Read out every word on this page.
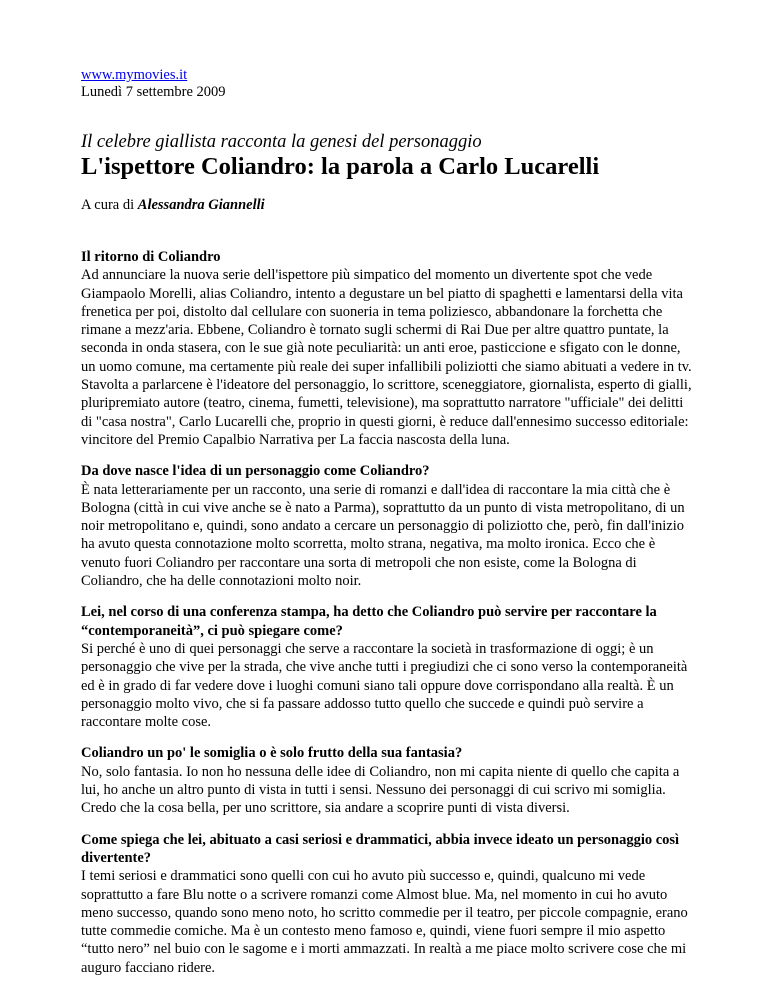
www.mymovies.it
Lunedì 7 settembre 2009
Il celebre giallista racconta la genesi del personaggio
L'ispettore Coliandro: la parola a Carlo Lucarelli
A cura di Alessandra Giannelli
Il ritorno di Coliandro
Ad annunciare la nuova serie dell'ispettore più simpatico del momento un divertente spot che vede Giampaolo Morelli, alias Coliandro, intento a degustare un bel piatto di spaghetti e lamentarsi della vita frenetica per poi, distolto dal cellulare con suoneria in tema poliziesco, abbandonare la forchetta che rimane a mezz'aria. Ebbene, Coliandro è tornato sugli schermi di Rai Due per altre quattro puntate, la seconda in onda stasera, con le sue già note peculiarità: un anti eroe, pasticcione e sfigato con le donne, un uomo comune, ma certamente più reale dei super infallibili poliziotti che siamo abituati a vedere in tv.
Stavolta a parlarcene è l'ideatore del personaggio, lo scrittore, sceneggiatore, giornalista, esperto di gialli, pluripremiato autore (teatro, cinema, fumetti, televisione), ma soprattutto narratore "ufficiale" dei delitti di "casa nostra", Carlo Lucarelli che, proprio in questi giorni, è reduce dall'ennesimo successo editoriale: vincitore del Premio Capalbio Narrativa per La faccia nascosta della luna.
Da dove nasce l'idea di un personaggio come Coliandro?
È nata letterariamente per un racconto, una serie di romanzi e dall'idea di raccontare la mia città che è Bologna (città in cui vive anche se è nato a Parma), soprattutto da un punto di vista metropolitano, di un noir metropolitano e, quindi, sono andato a cercare un personaggio di poliziotto che, però, fin dall'inizio ha avuto questa connotazione molto scorretta, molto strana, negativa, ma molto ironica. Ecco che è venuto fuori Coliandro per raccontare una sorta di metropoli che non esiste, come la Bologna di Coliandro, che ha delle connotazioni molto noir.
Lei, nel corso di una conferenza stampa, ha detto che Coliandro può servire per raccontare la “contemporaneità”, ci può spiegare come?
Si perché è uno di quei personaggi che serve a raccontare la società in trasformazione di oggi; è un personaggio che vive per la strada, che vive anche tutti i pregiudizi che ci sono verso la contemporaneità ed è in grado di far vedere dove i luoghi comuni siano tali oppure dove corrispondano alla realtà. È un personaggio molto vivo, che si fa passare addosso tutto quello che succede e quindi può servire a raccontare molte cose.
Coliandro un po' le somiglia o è solo frutto della sua fantasia?
No, solo fantasia. Io non ho nessuna delle idee di Coliandro, non mi capita niente di quello che capita a lui, ho anche un altro punto di vista in tutti i sensi. Nessuno dei personaggi di cui scrivo mi somiglia. Credo che la cosa bella, per uno scrittore, sia andare a scoprire punti di vista diversi.
Come spiega che lei, abituato a casi seriosi e drammatici, abbia invece ideato un personaggio così divertente?
I temi seriosi e drammatici sono quelli con cui ho avuto più successo e, quindi, qualcuno mi vede soprattutto a fare Blu notte o a scrivere romanzi come Almost blue. Ma, nel momento in cui ho avuto meno successo, quando sono meno noto, ho scritto commedie per il teatro, per piccole compagnie, erano tutte commedie comiche. Ma è un contesto meno famoso e, quindi, viene fuori sempre il mio aspetto “tutto nero” nel buio con le sagome e i morti ammazzati. In realtà a me piace molto scrivere cose che mi auguro facciano ridere.
